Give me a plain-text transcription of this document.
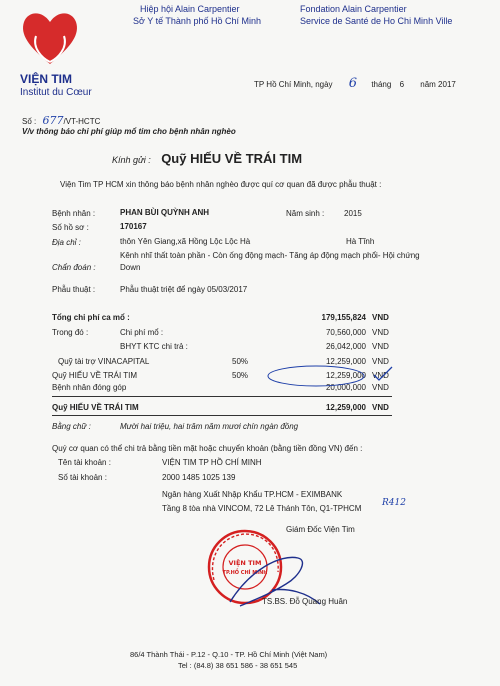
VIỆN TIM
Institut du Cœur
Hiệp hội Alain Carpentier
Sở Y tế Thành phố Hồ Chí Minh
Fondation Alain Carpentier
Service de Santé de Ho Chi Minh Ville
TP Hồ Chí Minh, ngày 6 tháng 6 năm 2017
Số : 677/VT-HCTC
V/v thông báo chi phí giúp mổ tim cho bệnh nhân nghèo
Kính gửi : Quỹ HIẾU VỀ TRÁI TIM
Viện Tim TP HCM xin thông báo bệnh nhân nghèo được quí cơ quan đã được phẫu thuật :
Bệnh nhân :	PHAN BÙI QUỲNH ANH	Năm sinh : 2015
Số hồ sơ :	170167
Địa chỉ :	thôn Yên Giang,xã Hồng Lộc Lộc Hà	Hà Tĩnh
Kênh nhĩ thất toàn phần - Còn ống động mạch- Tăng áp động mạch phổi- Hội chứng
Chẩn đoán :	Down
Phẫu thuật :	Phẫu thuật triệt để ngày 05/03/2017
Tổng chi phí ca mổ :	179,155,824 VND
Trong đó :	Chi phí mổ :	70,560,000 VND
BHYT KTC chi trả :	26,042,000 VND
Quỹ tài trợ VINACAPITAL	50%	12,259,000 VND
Quỹ HIẾU VỀ TRÁI TIM	50%	12,259,000 VND
Bệnh nhân đóng góp	20,000,000 VND
Quỹ HIẾU VỀ TRÁI TIM	12,259,000 VND
Bằng chữ :	Mười hai triệu, hai trăm năm mươi chín ngàn đồng
Quý cơ quan có thể chi trả bằng tiền mặt hoặc chuyển khoản (bằng tiền đồng VN) đến :
Tên tài khoản :	VIỆN TIM TP HỒ CHÍ MINH
Số tài khoản :	2000 1485 1025 139
Ngân hàng Xuất Nhập Khẩu TP.HCM - EXIMBANK
Tầng 8 tòa nhà VINCOM, 72 Lê Thánh Tôn, Q1-TPHCM
R412
Giám Đốc Viện Tim
VIỆN TIM
TP.HỒ CHÍ MINH
TS.BS. Đỗ Quang Huân
86/4 Thành Thái - P.12 - Q.10 - TP. Hồ Chí Minh (Việt Nam)
Tel : (84.8) 38 651 586 - 38 651 545
